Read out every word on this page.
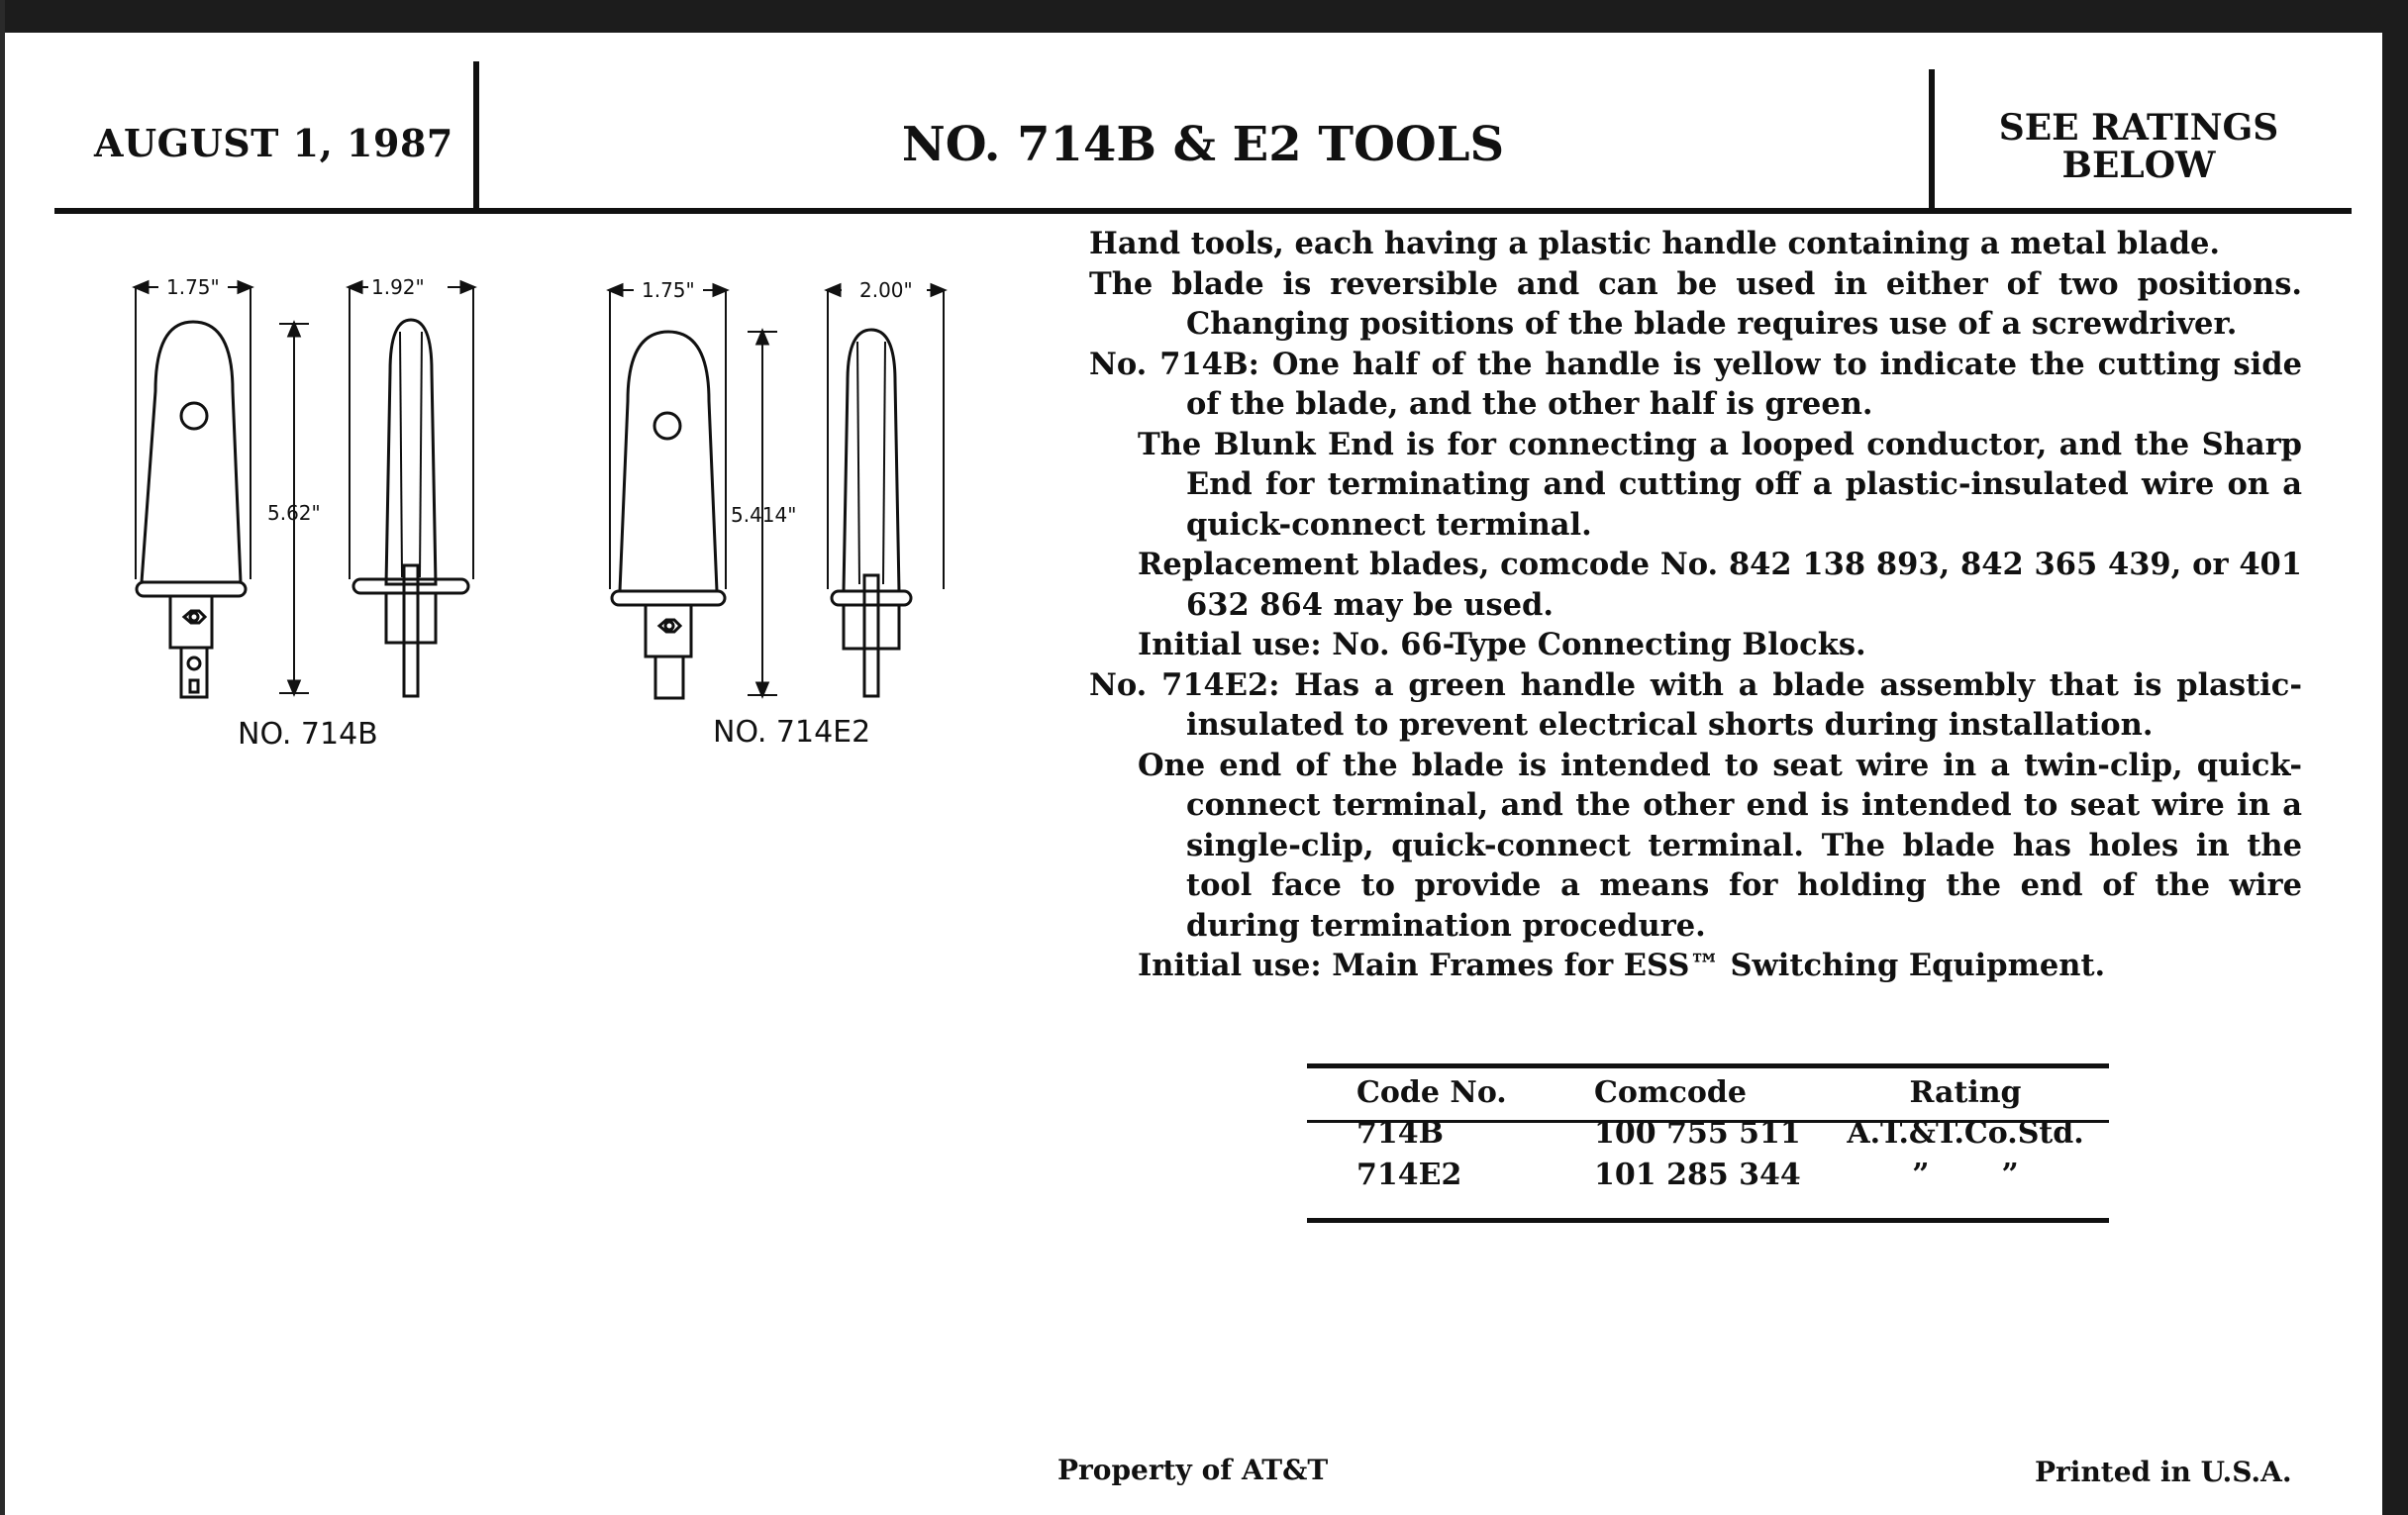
AUGUST 1, 1987	NO. 714B & E2 TOOLS	SEE RATINGS
BELOW
1.75"	1.92"
5.62"
1.75"	2.00"
5.414"
NO. 714B	NO. 714E2

Hand tools, each having a plastic handle containing a metal blade.

The blade is reversible and can be used in either of two positions. Changing positions of the blade requires use of a screwdriver.

No. 714B: One half of the handle is yellow to indicate the cutting side of the blade, and the other half is green.

The Blunk End is for connecting a looped conductor, and the Sharp End for terminating and cutting off a plastic-insulated wire on a quick-connect terminal.

Replacement blades, comcode No. 842 138 893, 842 365 439, or 401 632 864 may be used.

Initial use: No. 66-Type Connecting Blocks.

No. 714E2: Has a green handle with a blade assembly that is plastic-insulated to prevent electrical shorts during installation.

One end of the blade is intended to seat wire in a twin-clip, quick-connect terminal, and the other end is intended to seat wire in a single-clip, quick-connect terminal. The blade has holes in the tool face to provide a means for holding the end of the wire during termination procedure.

Initial use: Main Frames for ESS™ Switching Equipment.

Code No.	Comcode	Rating
714B	100 755 511	A.T.&T.Co.Std.
714E2	101 285 344	”       ”
Property of AT&T	Printed in U.S.A.
